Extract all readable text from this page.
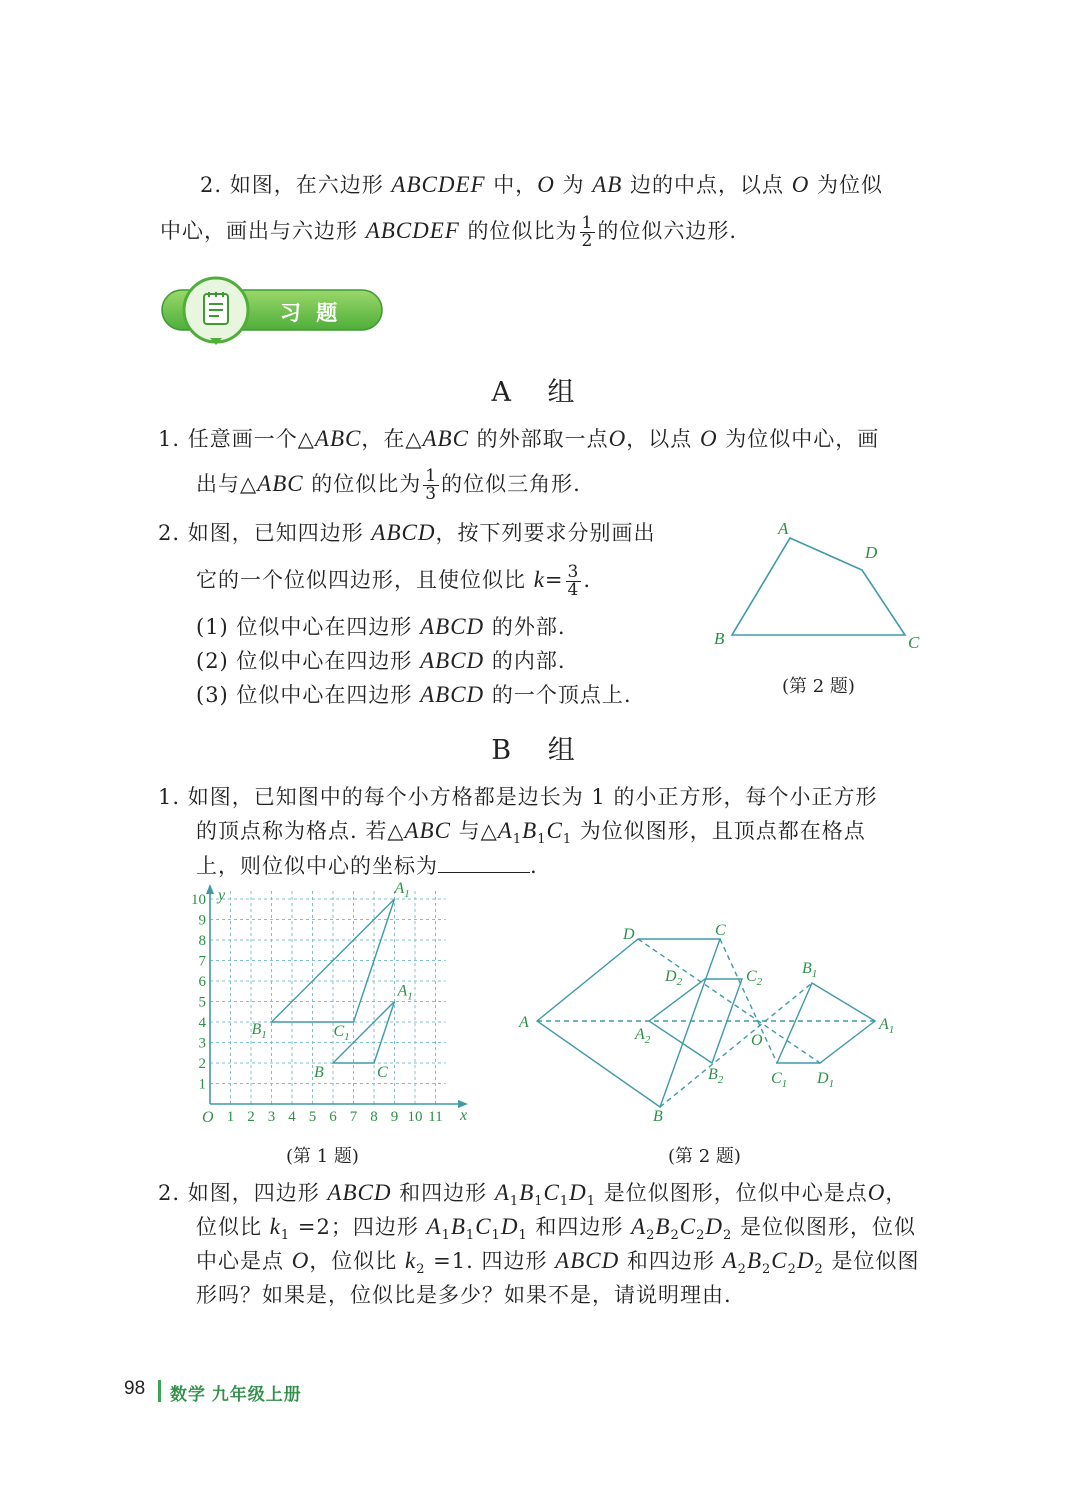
2. 如图，在六边形 ABCDEF 中，O 为 AB 边的中点，以点 O 为位似
中心，画出与六边形 ABCDEF 的位似比为 $\frac{1}{2}$ 的位似六边形.
习 题
A 组
1. 任意画一个△ABC，在△ABC 的外部取一点O，以点 O 为位似中心，画
出与△ABC 的位似比为 $\frac{1}{3}$ 的位似三角形.
2. 如图，已知四边形 ABCD，按下列要求分别画出
它的一个位似四边形，且使位似比 $k= \frac{3}{4}$ .
(1) 位似中心在四边形 ABCD 的外部.
(2) 位似中心在四边形 ABCD 的内部.
(3) 位似中心在四边形 ABCD 的一个顶点上.
A
D
B	C
(第 2 题)
B 组
1. 如图，已知图中的每个小方格都是边长为 1 的小正方形，每个小正方形
的顶点称为格点. 若△ABC 与$\triangle A_1B_1C_1$ 为位似图形，且顶点都在格点
上，则位似中心的坐标为	.
x
y
O 1 2 3 4 5 6 7 8 9 10 11
1
2
3
4
5
6
7
8
9
10
$A_1$
$B_1$	$C_1$
$A_1$
B	C
(第 1 题)
A
D	C
B
O
$A_1$
$B_1$
$C_1$ $D_1$
$A_2$
$B_2$
$C_2$
$D_2$
(第 2 题)
2. 如图，四边形 ABCD 和四边形 $A_1B_1C_1D_1$ 是位似图形，位似中心是点O，
位似比 $k_1 =2$；四边形 $A_1B_1C_1D_1$ 和四边形 $A_2B_2C_2D_2$ 是位似图形，位似
中心是点 O，位似比 $k_2 =1$. 四边形 ABCD 和四边形 $A_2B_2C_2D_2$ 是位似图
形吗？如果是，位似比是多少？如果不是，请说明理由.
98 数学 九年级上册
